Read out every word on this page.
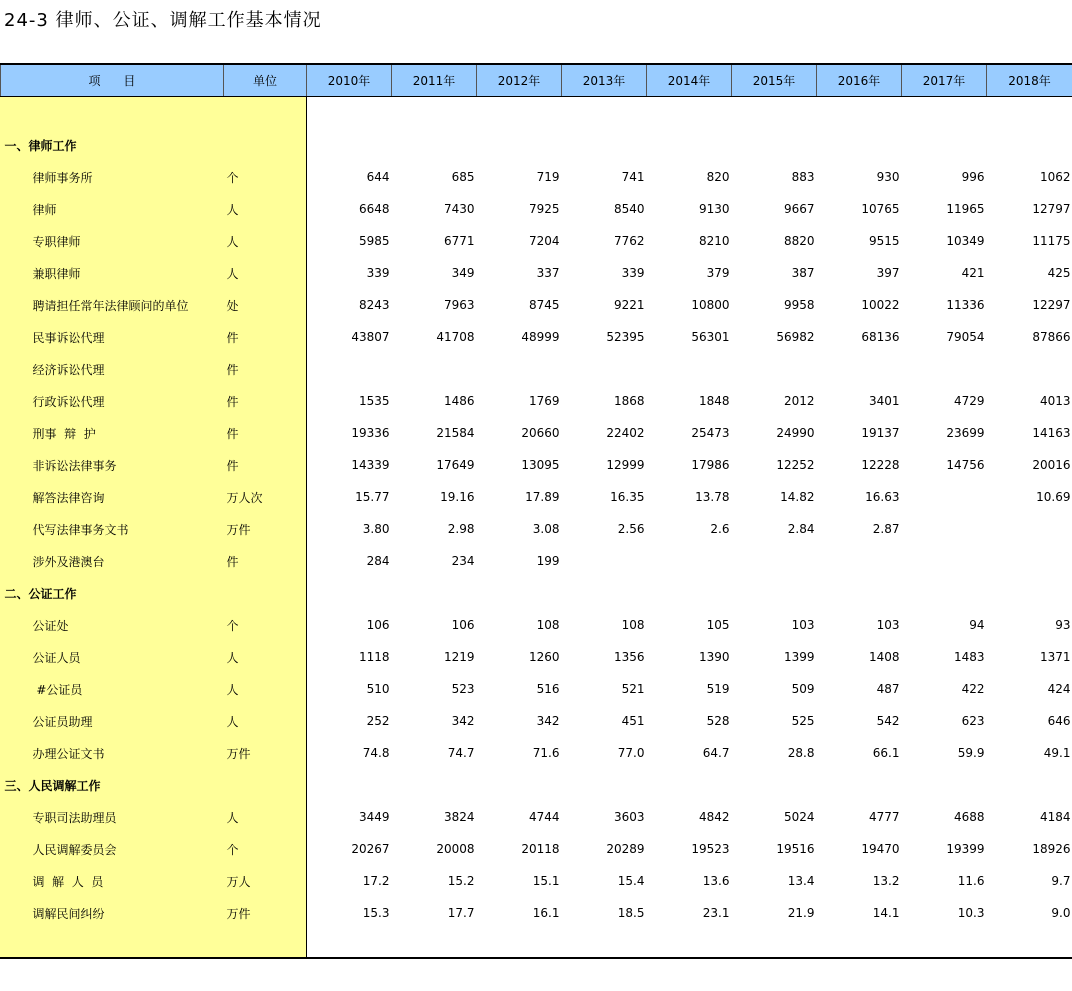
24-3 律师、公证、调解工作基本情况
项      目	单位	2010年	2011年	2012年	2013年	2014年	2015年	2016年	2017年	2018年

一、律师工作										
律师事务所	个	644	685	719	741	820	883	930	996	1062
律师	人	6648	7430	7925	8540	9130	9667	10765	11965	12797
专职律师	人	5985	6771	7204	7762	8210	8820	9515	10349	11175
兼职律师	人	339	349	337	339	379	387	397	421	425
聘请担任常年法律顾问的单位	处	8243	7963	8745	9221	10800	9958	10022	11336	12297
民事诉讼代理	件	43807	41708	48999	52395	56301	56982	68136	79054	87866
经济诉讼代理	件									
行政诉讼代理	件	1535	1486	1769	1868	1848	2012	3401	4729	4013
刑事  辩  护	件	19336	21584	20660	22402	25473	24990	19137	23699	14163
非诉讼法律事务	件	14339	17649	13095	12999	17986	12252	12228	14756	20016
解答法律咨询	万人次	15.77	19.16	17.89	16.35	13.78	14.82	16.63		10.69
代写法律事务文书	万件	3.80	2.98	3.08	2.56	2.6	2.84	2.87		
涉外及港澳台	件	284	234	199						
二、公证工作										
公证处	个	106	106	108	108	105	103	103	94	93
公证人员	人	1118	1219	1260	1356	1390	1399	1408	1483	1371
#公证员	人	510	523	516	521	519	509	487	422	424
公证员助理	人	252	342	342	451	528	525	542	623	646
办理公证文书	万件	74.8	74.7	71.6	77.0	64.7	28.8	66.1	59.9	49.1
三、人民调解工作										
专职司法助理员	人	3449	3824	4744	3603	4842	5024	4777	4688	4184
人民调解委员会	个	20267	20008	20118	20289	19523	19516	19470	19399	18926
调  解  人  员	万人	17.2	15.2	15.1	15.4	13.6	13.4	13.2	11.6	9.7
调解民间纠纷	万件	15.3	17.7	16.1	18.5	23.1	21.9	14.1	10.3	9.0
